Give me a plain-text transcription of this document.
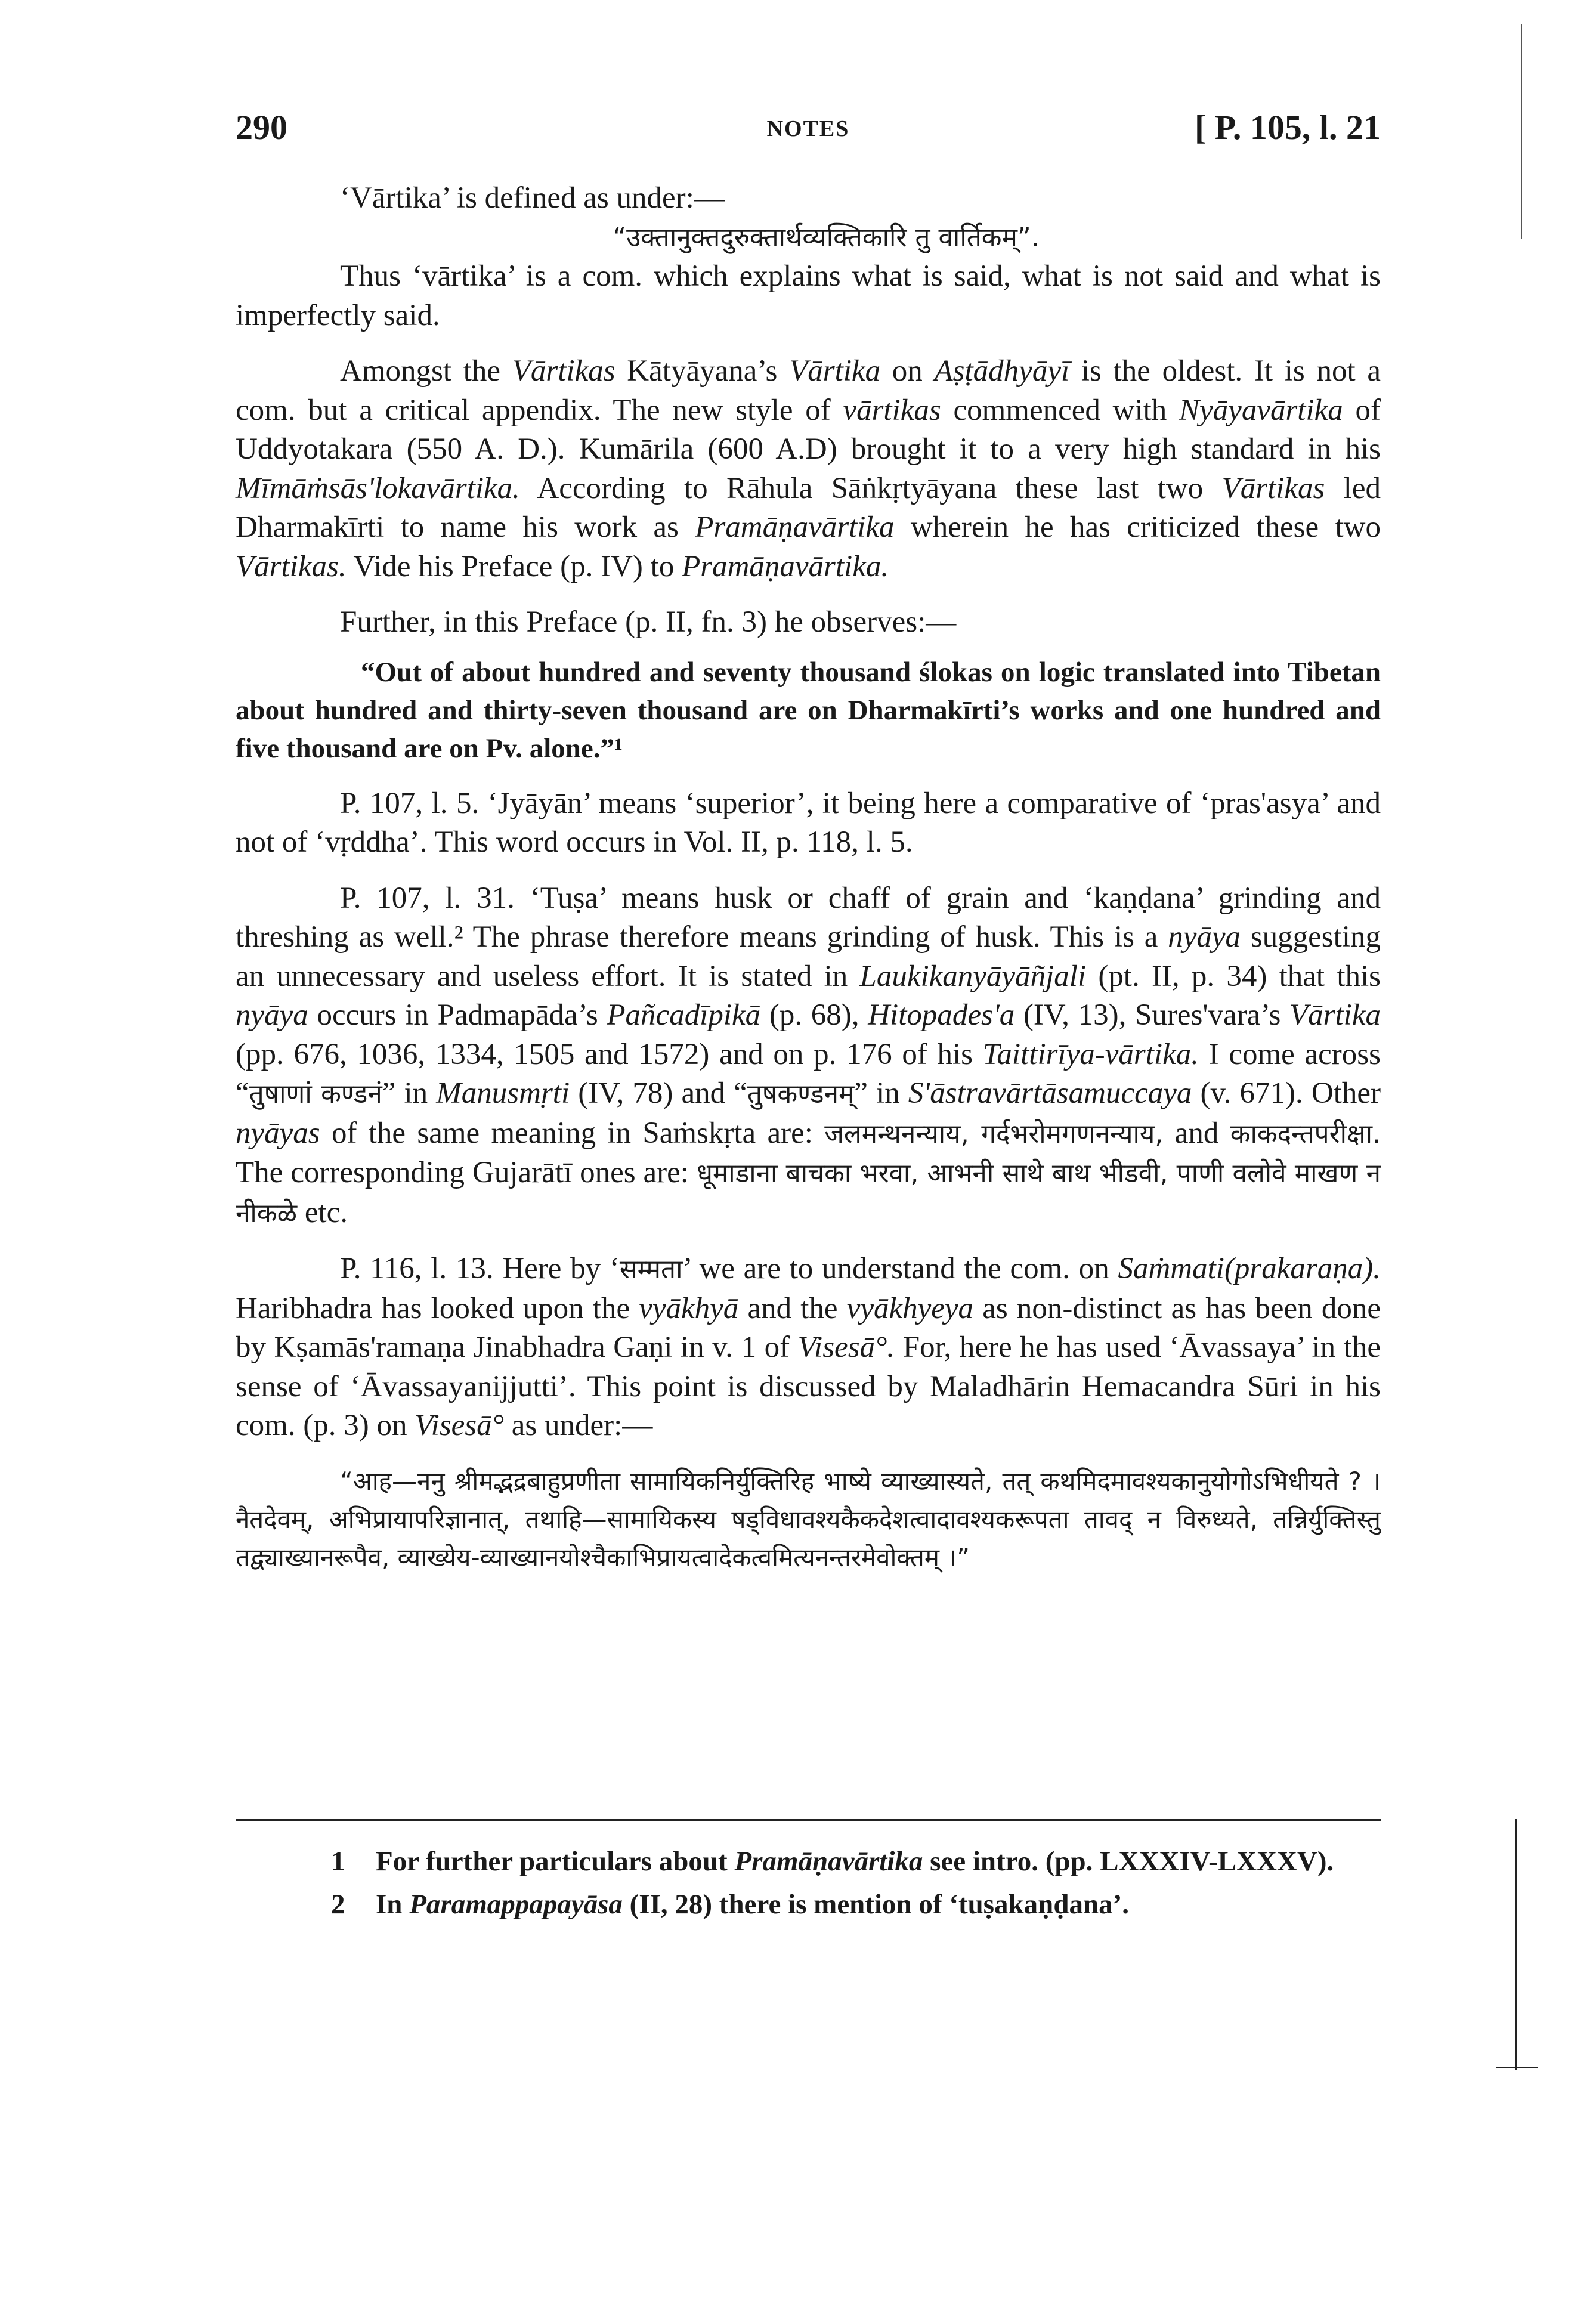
290	NOTES	[ P. 105, l. 21

‘Vārtika’ is defined as under:—

“उक्तानुक्तदुरुक्तार्थव्यक्तिकारि तु वार्तिकम्”.

Thus ‘vārtika’ is a com. which explains what is said, what is not said and what is imperfectly said.

Amongst the Vārtikas Kātyāyana’s Vārtika on Aṣṭādhyāyī is the oldest. It is not a com. but a critical appendix. The new style of vārtikas commenced with Nyāyavārtika of Uddyotakara (550 A. D.). Kumārila (600 A.D) brought it to a very high standard in his Mīmāṁsās'lokavārtika. According to Rāhula Sāṅkṛtyāyana these last two Vārtikas led Dharmakīrti to name his work as Pramāṇavārtika wherein he has criticized these two Vārtikas. Vide his Preface (p. IV) to Pramāṇavārtika.

Further, in this Preface (p. II, fn. 3) he observes:—

“Out of about hundred and seventy thousand ślokas on logic translated into Tibetan about hundred and thirty-seven thousand are on Dharmakīrti’s works and one hundred and five thousand are on Pv. alone.”¹

P. 107, l. 5. ‘Jyāyān’ means ‘superior’, it being here a comparative of ‘pras'asya’ and not of ‘vṛddha’. This word occurs in Vol. II, p. 118, l. 5.

P. 107, l. 31. ‘Tuṣa’ means husk or chaff of grain and ‘kaṇḍana’ grinding and threshing as well.² The phrase therefore means grinding of husk. This is a nyāya suggesting an unnecessary and useless effort. It is stated in Laukikanyāyāñjali (pt. II, p. 34) that this nyāya occurs in Padmapāda’s Pañcadīpikā (p. 68), Hitopades'a (IV, 13), Sures'vara’s Vārtika (pp. 676, 1036, 1334, 1505 and 1572) and on p. 176 of his Taittirīya-vārtika. I come across “तुषाणां कण्डनं” in Manusmṛti (IV, 78) and “तुषकण्डनम्” in S'āstravārtāsamuccaya (v. 671). Other nyāyas of the same meaning in Saṁskṛta are: जलमन्थनन्याय, गर्दभरोमगणनन्याय, and काकदन्तपरीक्षा. The corresponding Gujarātī ones are: धूमाडाना बाचका भरवा, आभनी साथे बाथ भीडवी, पाणी वलोवे माखण न नीकळे etc.

P. 116, l. 13. Here by ‘सम्मता’ we are to understand the com. on Saṁmati(prakaraṇa). Haribhadra has looked upon the vyākhyā and the vyākhyeya as non-distinct as has been done by Kṣamās'ramaṇa Jinabhadra Gaṇi in v. 1 of Visesā°. For, here he has used ‘Āvassaya’ in the sense of ‘Āvassayanijjutti’. This point is discussed by Maladhārin Hemacandra Sūri in his com. (p. 3) on Visesā° as under:—

“आह—ननु श्रीमद्भद्रबाहुप्रणीता सामायिकनिर्युक्तिरिह भाष्ये व्याख्यास्यते, तत् कथमिदमावश्यकानुयोगोऽभिधीयते ? । नैतदेवम्, अभिप्रायापरिज्ञानात्, तथाहि—सामायिकस्य षड्विधावश्यकैकदेशत्वादावश्यकरूपता तावद् न विरुध्यते, तन्निर्युक्तिस्तु तद्व्याख्यानरूपैव, व्याख्येय-व्याख्यानयोश्चैकाभिप्रायत्वादेकत्वमित्यनन्तरमेवोक्तम् ।”

1	For further particulars about Pramāṇavārtika see intro. (pp. LXXXIV-LXXXV).
2	In Paramappapayāsa (II, 28) there is mention of ‘tuṣakaṇḍana’.
